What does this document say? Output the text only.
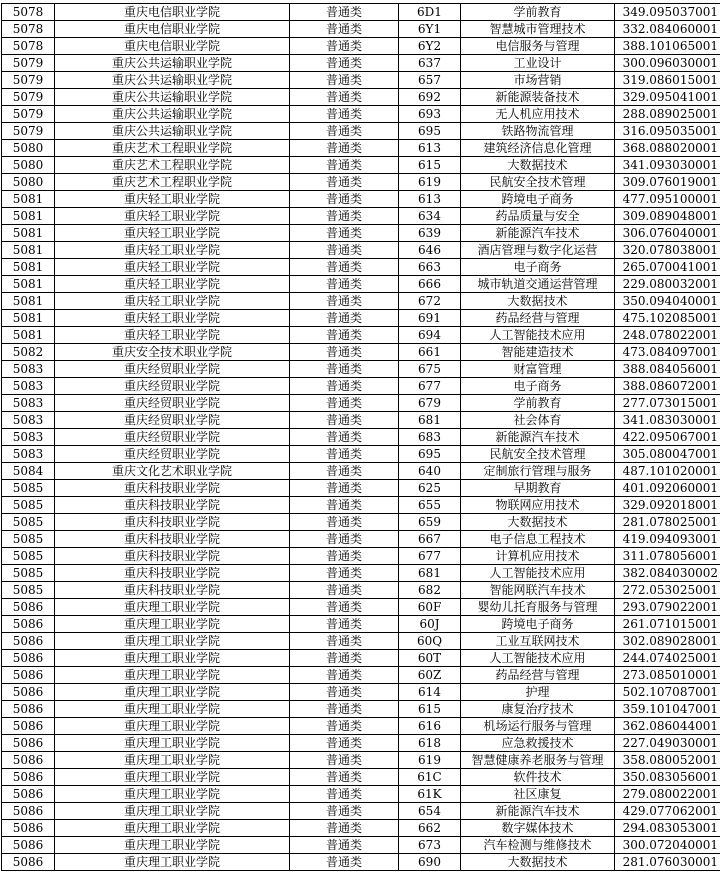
5078	重庆电信职业学院	普通类	6D1	学前教育	349.095037001
5078	重庆电信职业学院	普通类	6Y1	智慧城市管理技术	332.084060001
5078	重庆电信职业学院	普通类	6Y2	电信服务与管理	388.101065001
5079	重庆公共运输职业学院	普通类	637	工业设计	300.096030001
5079	重庆公共运输职业学院	普通类	657	市场营销	319.086015001
5079	重庆公共运输职业学院	普通类	692	新能源装备技术	329.095041001
5079	重庆公共运输职业学院	普通类	693	无人机应用技术	288.089025001
5079	重庆公共运输职业学院	普通类	695	铁路物流管理	316.095035001
5080	重庆艺术工程职业学院	普通类	613	建筑经济信息化管理	368.088020001
5080	重庆艺术工程职业学院	普通类	615	大数据技术	341.093030001
5080	重庆艺术工程职业学院	普通类	619	民航安全技术管理	309.076019001
5081	重庆轻工职业学院	普通类	613	跨境电子商务	477.095100001
5081	重庆轻工职业学院	普通类	634	药品质量与安全	309.089048001
5081	重庆轻工职业学院	普通类	639	新能源汽车技术	306.076040001
5081	重庆轻工职业学院	普通类	646	酒店管理与数字化运营	320.078038001
5081	重庆轻工职业学院	普通类	663	电子商务	265.070041001
5081	重庆轻工职业学院	普通类	666	城市轨道交通运营管理	229.080032001
5081	重庆轻工职业学院	普通类	672	大数据技术	350.094040001
5081	重庆轻工职业学院	普通类	691	药品经营与管理	475.102085001
5081	重庆轻工职业学院	普通类	694	人工智能技术应用	248.078022001
5082	重庆安全技术职业学院	普通类	661	智能建造技术	473.084097001
5083	重庆经贸职业学院	普通类	675	财富管理	388.084056001
5083	重庆经贸职业学院	普通类	677	电子商务	388.086072001
5083	重庆经贸职业学院	普通类	679	学前教育	277.073015001
5083	重庆经贸职业学院	普通类	681	社会体育	341.083030001
5083	重庆经贸职业学院	普通类	683	新能源汽车技术	422.095067001
5083	重庆经贸职业学院	普通类	695	民航安全技术管理	305.080047001
5084	重庆文化艺术职业学院	普通类	640	定制旅行管理与服务	487.101020001
5085	重庆科技职业学院	普通类	625	早期教育	401.092060001
5085	重庆科技职业学院	普通类	655	物联网应用技术	329.092018001
5085	重庆科技职业学院	普通类	659	大数据技术	281.078025001
5085	重庆科技职业学院	普通类	667	电子信息工程技术	419.094093001
5085	重庆科技职业学院	普通类	677	计算机应用技术	311.078056001
5085	重庆科技职业学院	普通类	681	人工智能技术应用	382.084030002
5085	重庆科技职业学院	普通类	682	智能网联汽车技术	272.053025001
5086	重庆理工职业学院	普通类	60F	婴幼儿托育服务与管理	293.079022001
5086	重庆理工职业学院	普通类	60J	跨境电子商务	261.071015001
5086	重庆理工职业学院	普通类	60Q	工业互联网技术	302.089028001
5086	重庆理工职业学院	普通类	60T	人工智能技术应用	244.074025001
5086	重庆理工职业学院	普通类	60Z	药品经营与管理	273.085010001
5086	重庆理工职业学院	普通类	614	护理	502.107087001
5086	重庆理工职业学院	普通类	615	康复治疗技术	359.101047001
5086	重庆理工职业学院	普通类	616	机场运行服务与管理	362.086044001
5086	重庆理工职业学院	普通类	618	应急救援技术	227.049030001
5086	重庆理工职业学院	普通类	619	智慧健康养老服务与管理	358.080052001
5086	重庆理工职业学院	普通类	61C	软件技术	350.083056001
5086	重庆理工职业学院	普通类	61K	社区康复	279.080022001
5086	重庆理工职业学院	普通类	654	新能源汽车技术	429.077062001
5086	重庆理工职业学院	普通类	662	数字媒体技术	294.083053001
5086	重庆理工职业学院	普通类	673	汽车检测与维修技术	300.072040001
5086	重庆理工职业学院	普通类	690	大数据技术	281.076030001
